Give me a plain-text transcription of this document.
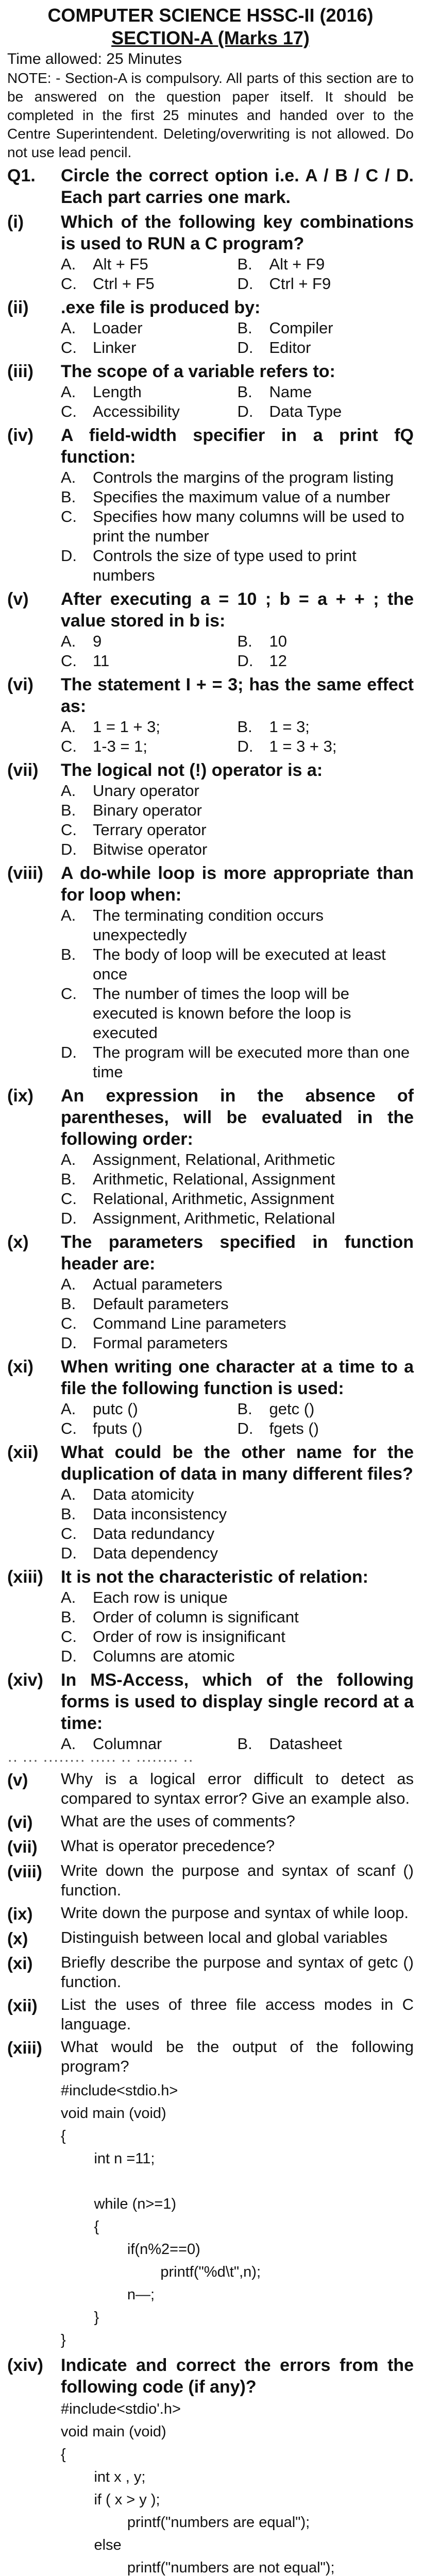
COMPUTER SCIENCE HSSC-II (2016)
SECTION-A (Marks 17)
Time allowed: 25 Minutes
NOTE: - Section-A is compulsory. All parts of this section are to be answered on the question paper itself. It should be completed in the first 25 minutes and handed over to the Centre Superintendent. Deleting/overwriting is not allowed. Do not use lead pencil.
Q1.	Circle the correct option i.e. A / B / C / D. Each part carries one mark.
(i)	Which of the following key combinations is used to RUN a C program?
A.	Alt + F5	B.	Alt + F9
C.	Ctrl + F5	D.	Ctrl + F9
(ii)	.exe file is produced by:
A.	Loader	B.	Compiler
C.	Linker	D.	Editor
(iii)	The scope of a variable refers to:
A.	Length	B.	Name
C.	Accessibility	D.	Data Type
(iv)	A field-width specifier in a print fQ function:
A.	Controls the margins of the program listing
B.	Specifies the maximum value of a number
C.	Specifies how many columns will be used to print the number
D.	Controls the size of type used to print numbers
(v)	After executing a = 10 ; b = a + + ; the value stored in b is:
A.	9	B.	10
C.	11	D.	12
(vi)	The statement I + = 3; has the same effect as:
A.	1 = 1 + 3;	B.	1 = 3;
C.	1-3 = 1;	D.	1 = 3 + 3;
(vii)	The logical not (!) operator is a:
A.	Unary operator
B.	Binary operator
C.	Terrary operator
D.	Bitwise operator
(viii)	A do-while loop is more appropriate than for loop when:
A.	The terminating condition occurs unexpectedly
B.	The body of loop will be executed at least once
C.	The number of times the loop will be executed is known before the loop is executed
D.	The program will be executed more than one time
(ix)	An expression in the absence of parentheses, will be evaluated in the following order:
A.	Assignment, Relational, Arithmetic
B.	Arithmetic, Relational, Assignment
C.	Relational, Arithmetic, Assignment
D.	Assignment, Arithmetic, Relational
(x)	The parameters specified in function header are:
A.	Actual parameters
B.	Default parameters
C.	Command Line parameters
D.	Formal parameters
(xi)	When writing one character at a time to a file the following function is used:
A.	putc ()	B.	getc ()
C.	fputs ()	D.	fgets ()
(xii)	What could be the other name for the duplication of data in many different files?
A.	Data atomicity
B.	Data inconsistency
C.	Data redundancy
D.	Data dependency
(xiii)	It is not the characteristic of relation:
A.	Each row is unique
B.	Order of column is significant
C.	Order of row is insignificant
D.	Columns are atomic
(xiv)	In MS-Access, which of the following forms is used to display single record at a time:
A.	Columnar	B.	Datasheet
·· ··· ········ ····· ·· ········ ··
(v)	Why is a logical error difficult to detect as compared to syntax error? Give an example also.
(vi)	What are the uses of comments?
(vii)	What is operator precedence?
(viii)	Write down the purpose and syntax of scanf () function.
(ix)	Write down the purpose and syntax of while loop.
(x)	Distinguish between local and global variables
(xi)	Briefly describe the purpose and syntax of getc () function.
(xii)	List the uses of three file access modes in C language.
(xiii)	What would be the output of the following program?
#include<stdio.h>
void main (void)
{
int n =11;
while (n>=1)
{
if(n%2==0)
printf("%d\t",n);
n—;
}
}
(xiv)	Indicate and correct the errors from the following code (if any)?
#include<stdio'.h>
void main (void)
{
int x , y;
if ( x > y );
printf("numbers are equal");
else
printf("numbers are not equal");
